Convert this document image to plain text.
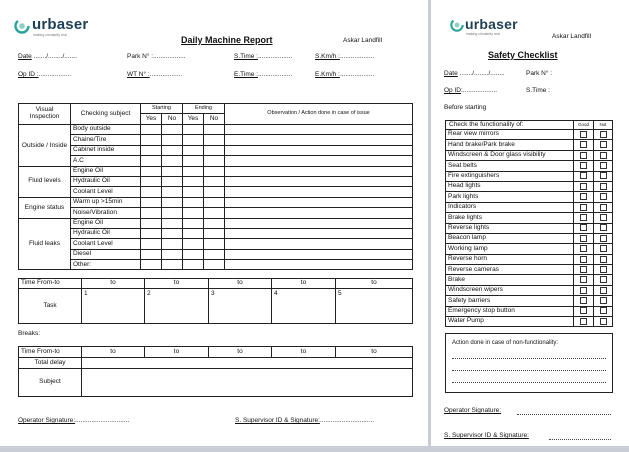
urbaser
making circularity real	Daily Machine Report	Askar Landfill
Date ......./......../.......	Park N° :..................	S.Time :...................	S.Km/h :...................
Op ID :..................	WT N° :..................	E.Time :...................	E.Km/h :...................
Visual Inspection	Checking subject	Starting		Ending		Observation / Action done in case of issue
		Yes	No	Yes	No	
Outside / Inside	Body outside					
	Chaine/Tire					
	Cabinet inside					
	A.C					
Fluid levels	Engine Oil					
	Hydraulic Oil					
	Coolant Level					
Engine status	Warm up >15min					
	Noise/Vibration					
Fluid leaks	Engine Oil					
	Hydraulic Oil					
	Coolant Level					
	Diesel					
	Other:					
Time From-to	to	to	to	to	to
Task	1	2	3	4	5
Breaks:
Time From-to	to	to	to	to	to
Total delay					
Subject					
Operator Signature:..............................	S. Supervisor ID & Signature:..............................
urbaser
making circularity real	Askar Landfill
Safety Checklist
Date ......./......../........	Park N° :
Op ID:...................	S.Time :
Before starting
Check the functionality of:	Good	Not
Rear view mirrors		
Hand brake/Park brake		
Windscreen & Door glass visibility		
Seat belts		
Fire extinguishers		
Head lights		
Park lights		
Indicators		
Brake lights		
Reverse lights		
Beacon lamp		
Working lamp		
Reverse horn		
Reverse cameras		
Brake		
Windscreen wipers		
Safety barriers		
Emergency stop button		
Water Pump		
Action done in case of non-functionality:
Operator Signature:
S. Supervisor ID & Signature:
